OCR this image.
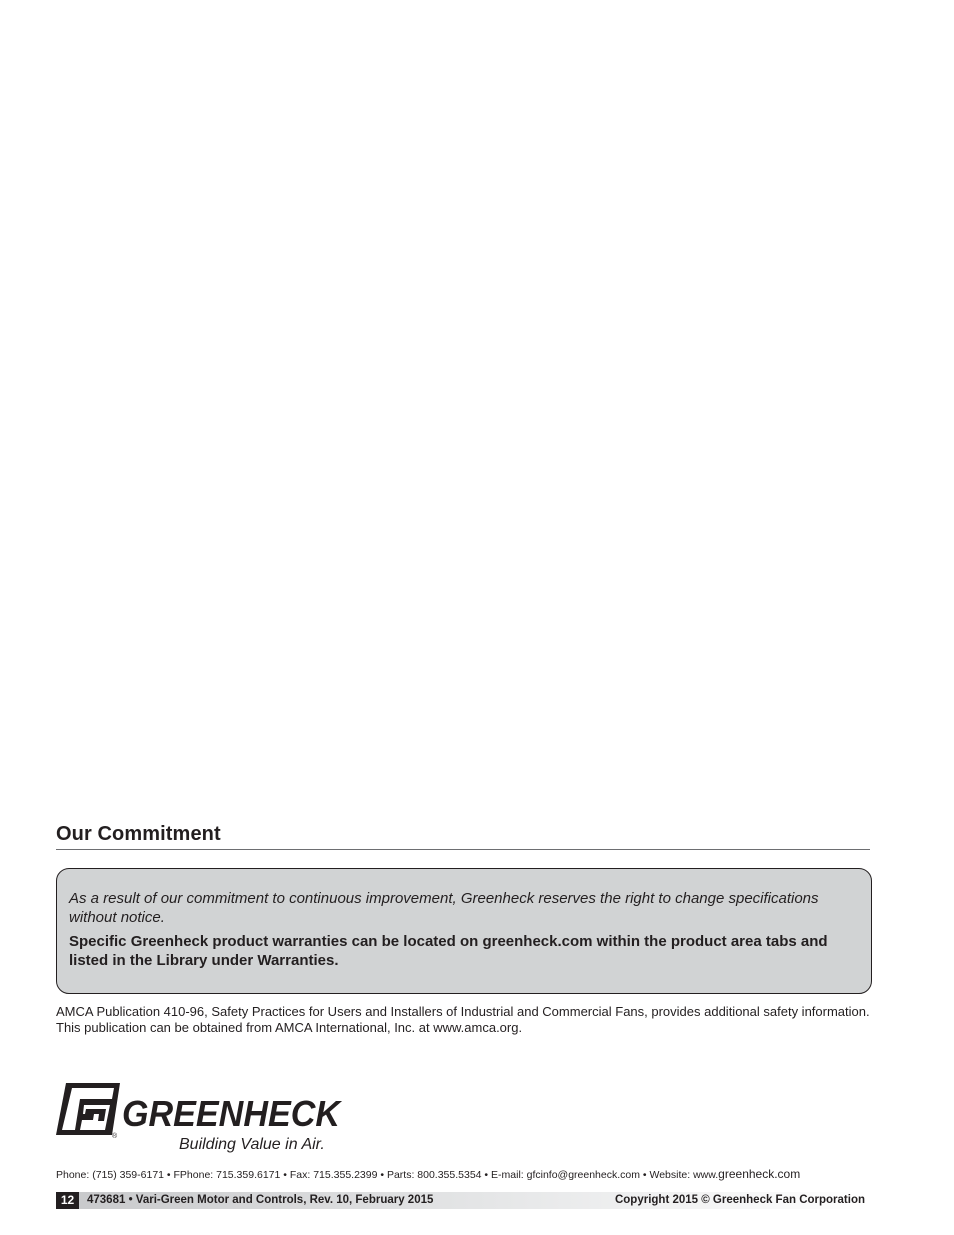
Our Commitment

As a result of our commitment to continuous improvement, Greenheck reserves the right to change specifications without notice.

Specific Greenheck product warranties can be located on greenheck.com within the product area tabs and listed in the Library under Warranties.

AMCA Publication 410-96, Safety Practices for Users and Installers of Industrial and Commercial Fans, provides additional safety information. This publication can be obtained from AMCA International, Inc. at www.amca.org.

®
GREENHECK
Building Value in Air.

Phone: (715) 359-6171 • FPhone: 715.359.6171 • Fax: 715.355.2399 • Parts: 800.355.5354 • E-mail: gfcinfo@greenheck.com • Website: www.greenheck.com

12	473681 • Vari-Green Motor and Controls, Rev. 10, February 2015	Copyright 2015 © Greenheck Fan Corporation
